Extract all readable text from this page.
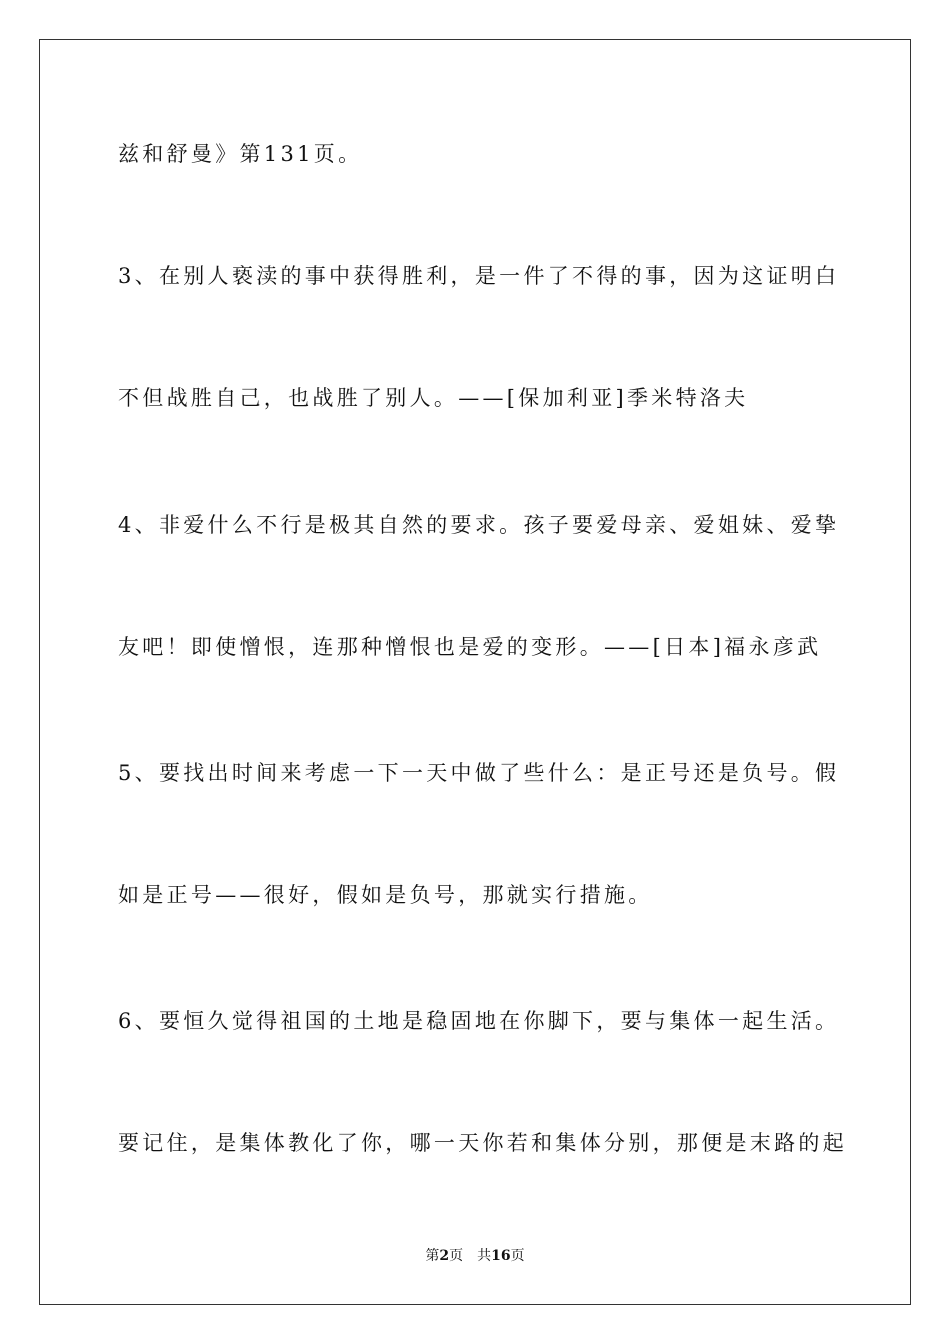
兹和舒曼》第131页。
3、在别人亵渎的事中获得胜利，是一件了不得的事，因为这证明白
不但战胜自己，也战胜了别人。——[保加利亚]季米特洛夫
4、非爱什么不行是极其自然的要求。孩子要爱母亲、爱姐妹、爱挚
友吧！即使憎恨，连那种憎恨也是爱的变形。——[日本]福永彦武
5、要找出时间来考虑一下一天中做了些什么：是正号还是负号。假
如是正号——很好，假如是负号，那就实行措施。
6、要恒久觉得祖国的土地是稳固地在你脚下，要与集体一起生活。
要记住，是集体教化了你，哪一天你若和集体分别，那便是末路的起
第2页 共16页
